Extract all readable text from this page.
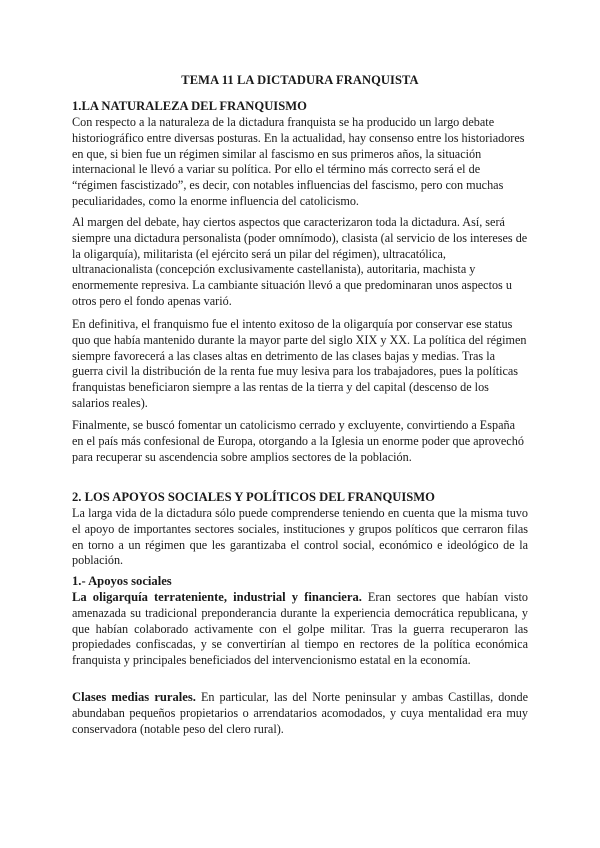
TEMA 11 LA DICTADURA FRANQUISTA
1.LA NATURALEZA DEL FRANQUISMO

Con respecto a la naturaleza de la dictadura franquista se ha producido un largo debate historiográfico entre diversas posturas. En la actualidad, hay consenso entre los historiadores en que, si bien fue un régimen similar al fascismo en sus primeros años, la situación internacional le llevó a variar su política. Por ello el término más correcto será el de “régimen fascistizado”, es decir, con notables influencias del fascismo, pero con muchas peculiaridades, como la enorme influencia del catolicismo.

Al margen del debate, hay ciertos aspectos que caracterizaron toda la dictadura. Así, será siempre una dictadura personalista (poder omnímodo), clasista (al servicio de los intereses de la oligarquía), militarista (el ejército será un pilar del régimen), ultracatólica, ultranacionalista (concepción exclusivamente castellanista), autoritaria, machista y enormemente represiva. La cambiante situación llevó a que predominaran unos aspectos u otros pero el fondo apenas varió.

En definitiva, el franquismo fue el intento exitoso de la oligarquía por conservar ese status quo que había mantenido durante la mayor parte del siglo XIX y XX. La política del régimen siempre favorecerá a las clases altas en detrimento de las clases bajas y medias. Tras la guerra civil la distribución de la renta fue muy lesiva para los trabajadores, pues la políticas franquistas beneficiaron siempre a las rentas de la tierra y del capital (descenso de los salarios reales).

Finalmente, se buscó fomentar un catolicismo cerrado y excluyente, convirtiendo a España en el país más confesional de Europa, otorgando a la Iglesia un enorme poder que aprovechó para recuperar su ascendencia sobre amplios sectores de la población.

2. LOS APOYOS SOCIALES Y POLÍTICOS DEL FRANQUISMO

La larga vida de la dictadura sólo puede comprenderse teniendo en cuenta que la misma tuvo el apoyo de importantes sectores sociales, instituciones y grupos políticos que cerraron filas en torno a un régimen que les garantizaba el control social, económico e ideológico de la población.

1.- Apoyos sociales

La oligarquía terrateniente, industrial y financiera. Eran sectores que habían visto amenazada su tradicional preponderancia durante la experiencia democrática republicana, y que habían colaborado activamente con el golpe militar. Tras la guerra recuperaron las propiedades confiscadas, y se convertirían al tiempo en rectores de la política económica franquista y principales beneficiados del intervencionismo estatal en la economía.

Clases medias rurales. En particular, las del Norte peninsular y ambas Castillas, donde abundaban pequeños propietarios o arrendatarios acomodados, y cuya mentalidad era muy conservadora (notable peso del clero rural).
